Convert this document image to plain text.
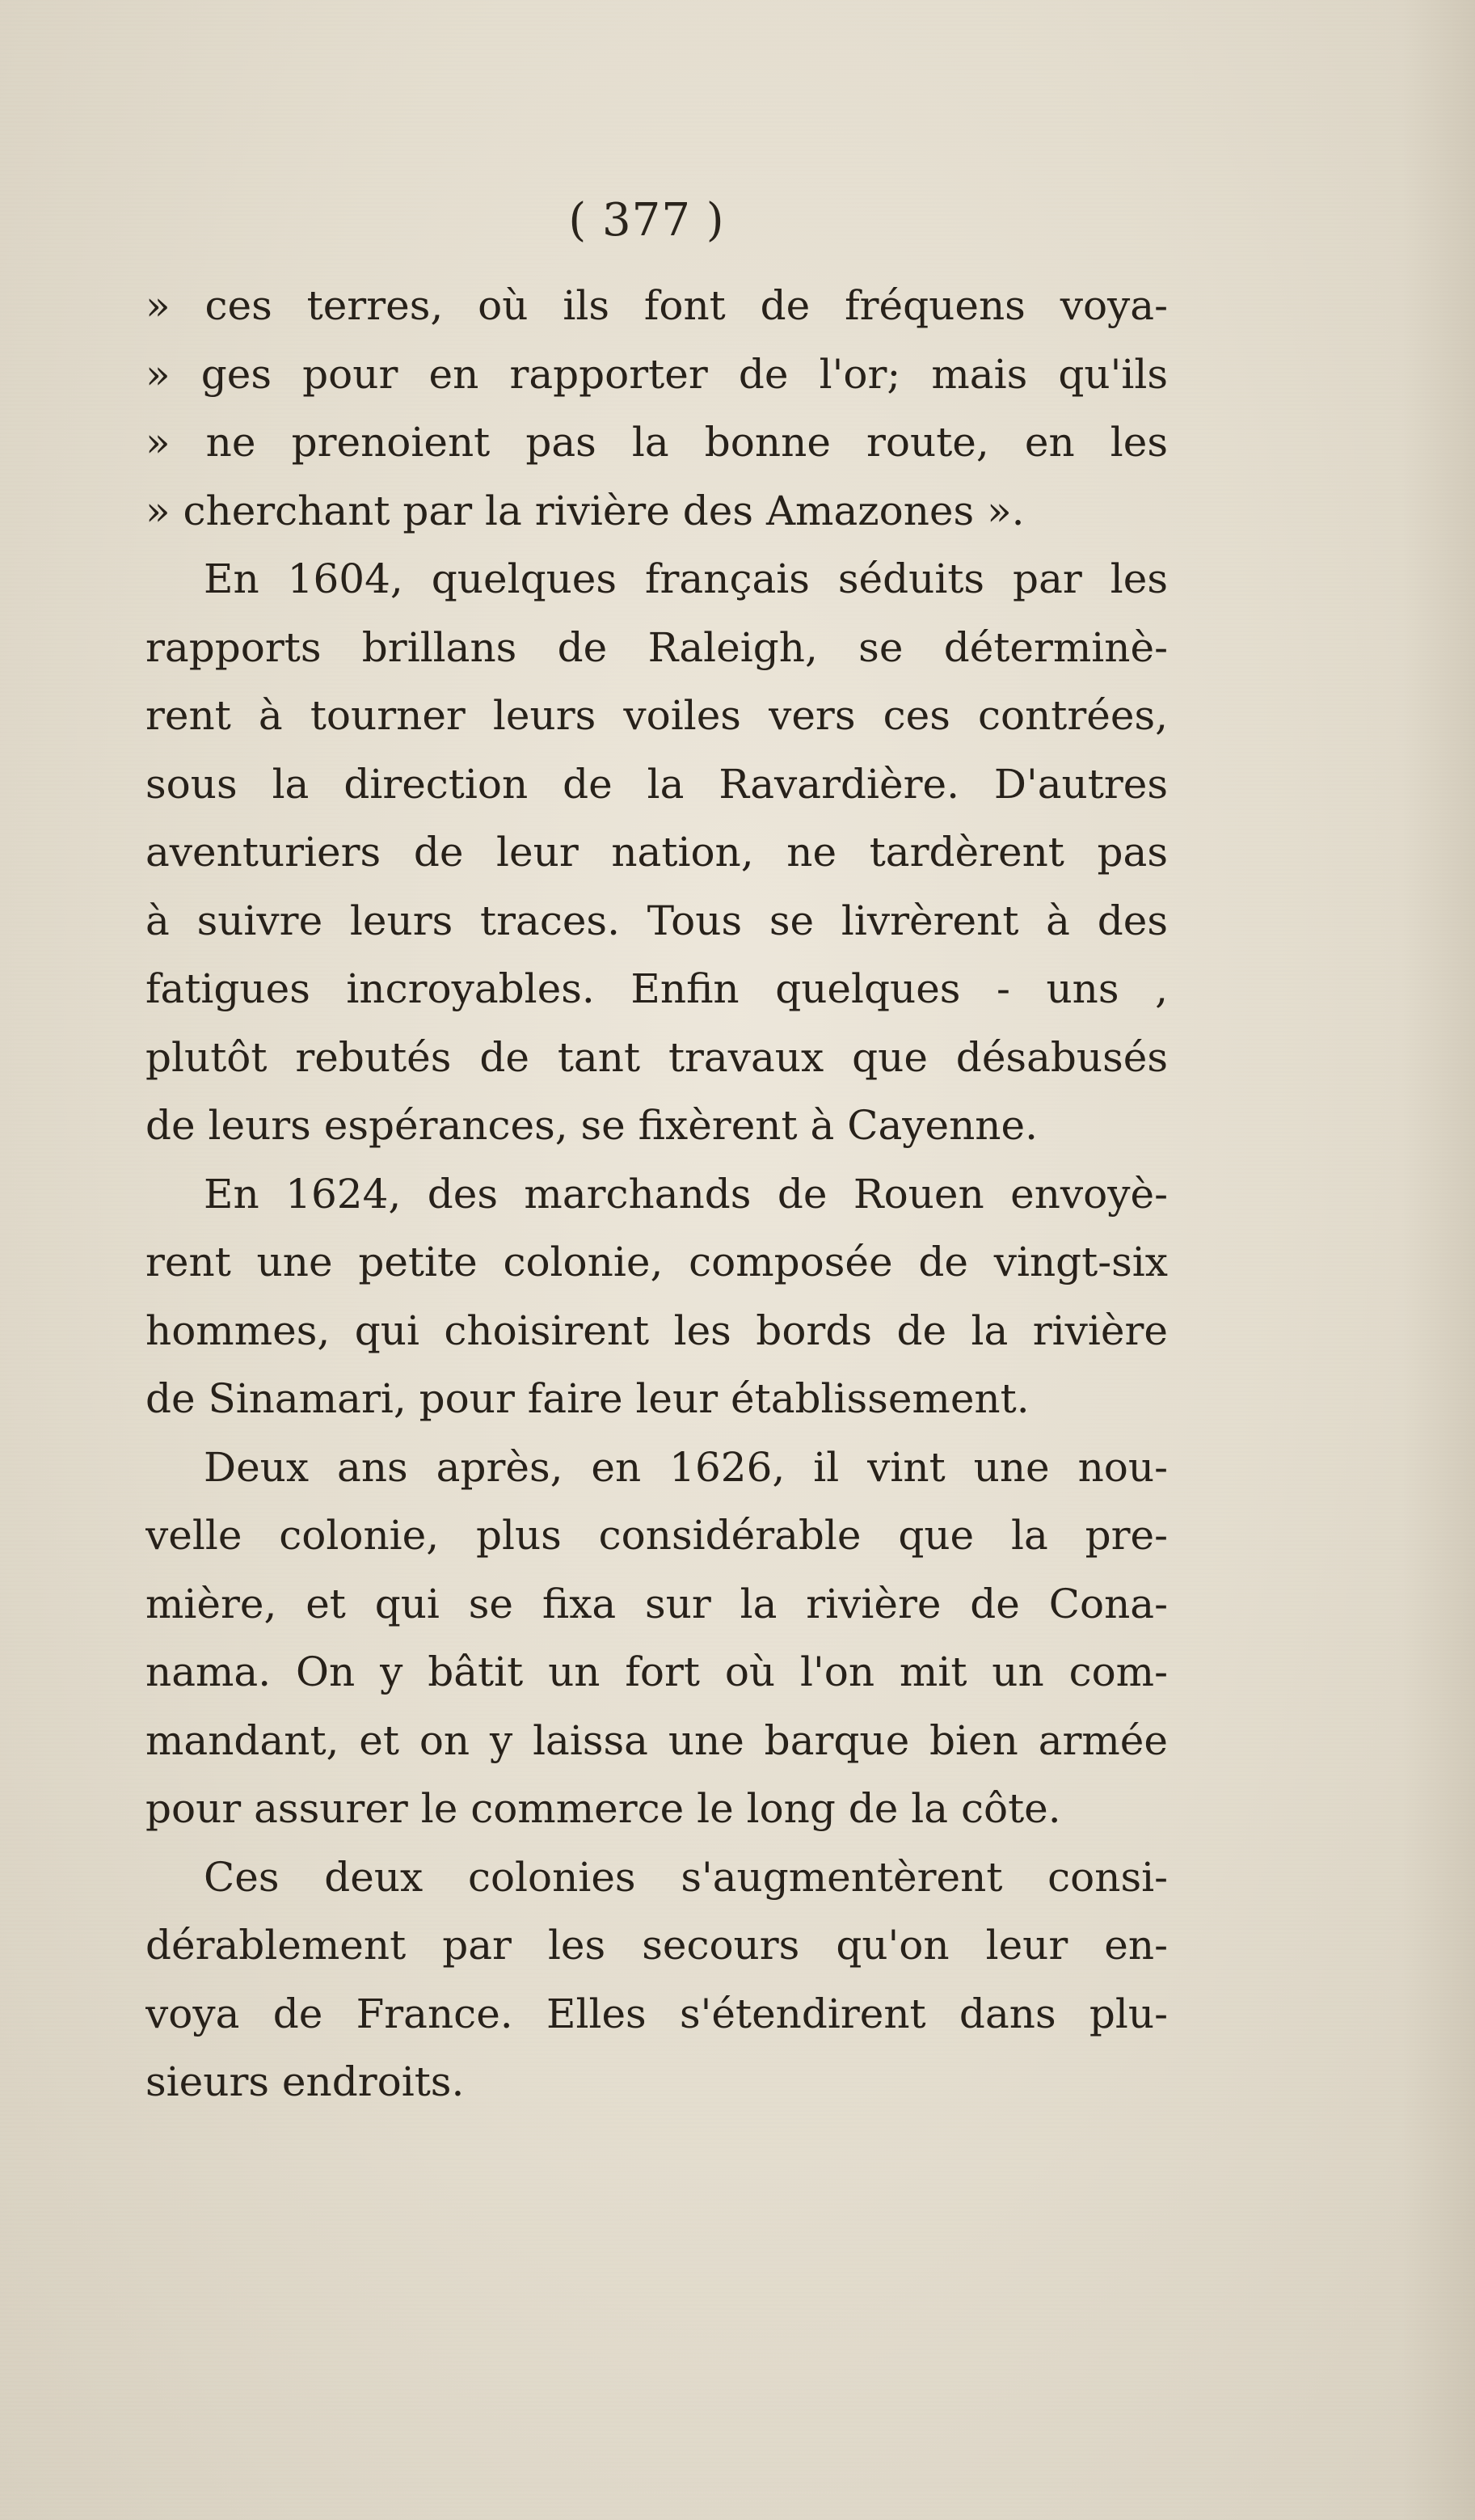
( 377 )

» ces terres, où ils font de fréquens voya-
» ges pour en rapporter de l'or; mais qu'ils
» ne prenoient pas la bonne route, en les
» cherchant par la rivière des Amazones ».
En 1604, quelques français séduits par les
rapports brillans de Raleigh, se déterminè-
rent à tourner leurs voiles vers ces contrées,
sous la direction de la Ravardière. D'autres
aventuriers de leur nation, ne tardèrent pas
à suivre leurs traces. Tous se livrèrent à des
fatigues incroyables. Enfin quelques - uns ,
plutôt rebutés de tant travaux que désabusés
de leurs espérances, se fixèrent à Cayenne.
En 1624, des marchands de Rouen envoyè-
rent une petite colonie, composée de vingt-six
hommes, qui choisirent les bords de la rivière
de Sinamari, pour faire leur établissement.
Deux ans après, en 1626, il vint une nou-
velle colonie, plus considérable que la pre-
mière, et qui se fixa sur la rivière de Cona-
nama. On y bâtit un fort où l'on mit un com-
mandant, et on y laissa une barque bien armée
pour assurer le commerce le long de la côte.
Ces deux colonies s'augmentèrent consi-
dérablement par les secours qu'on leur en-
voya de France. Elles s'étendirent dans plu-
sieurs endroits.
